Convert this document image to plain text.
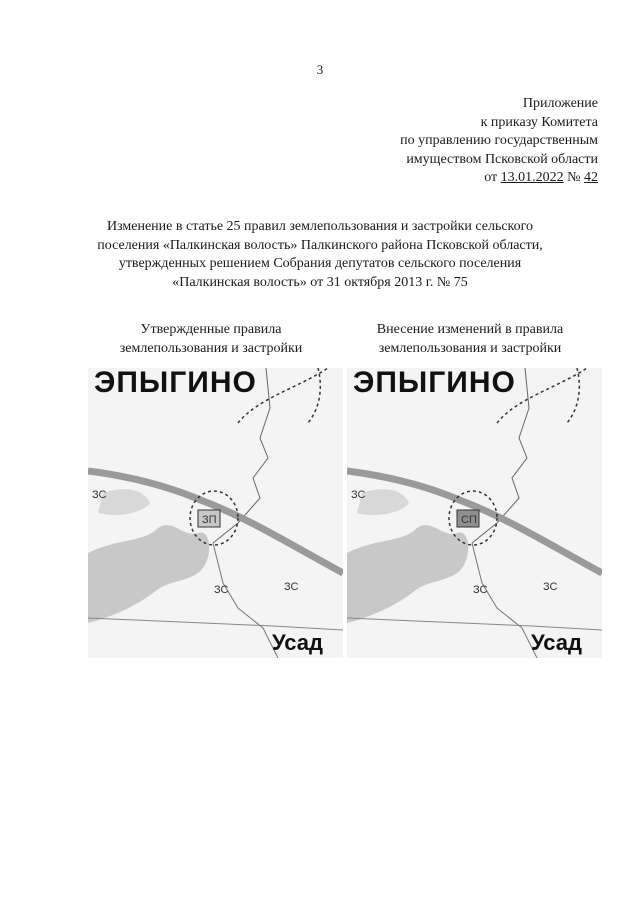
3
Приложение
к приказу Комитета
по управлению государственным
имуществом Псковской области
от 13.01.2022 № 42
Изменение в статье 25 правил землепользования и застройки сельского
поселения «Палкинская волость» Палкинского района Псковской области,
утвержденных решением Собрания депутатов сельского поселения
«Палкинская волость» от 31 октября 2013 г. № 75
Утвержденные правила
землепользования и застройки
Внесение изменений в правила
землепользования и застройки
ЗП
ЭПЫГИНО
ЗС
ЗС	ЗС
Усад
СП
ЭПЫГИНО
ЗС
ЗС	ЗС
Усад
